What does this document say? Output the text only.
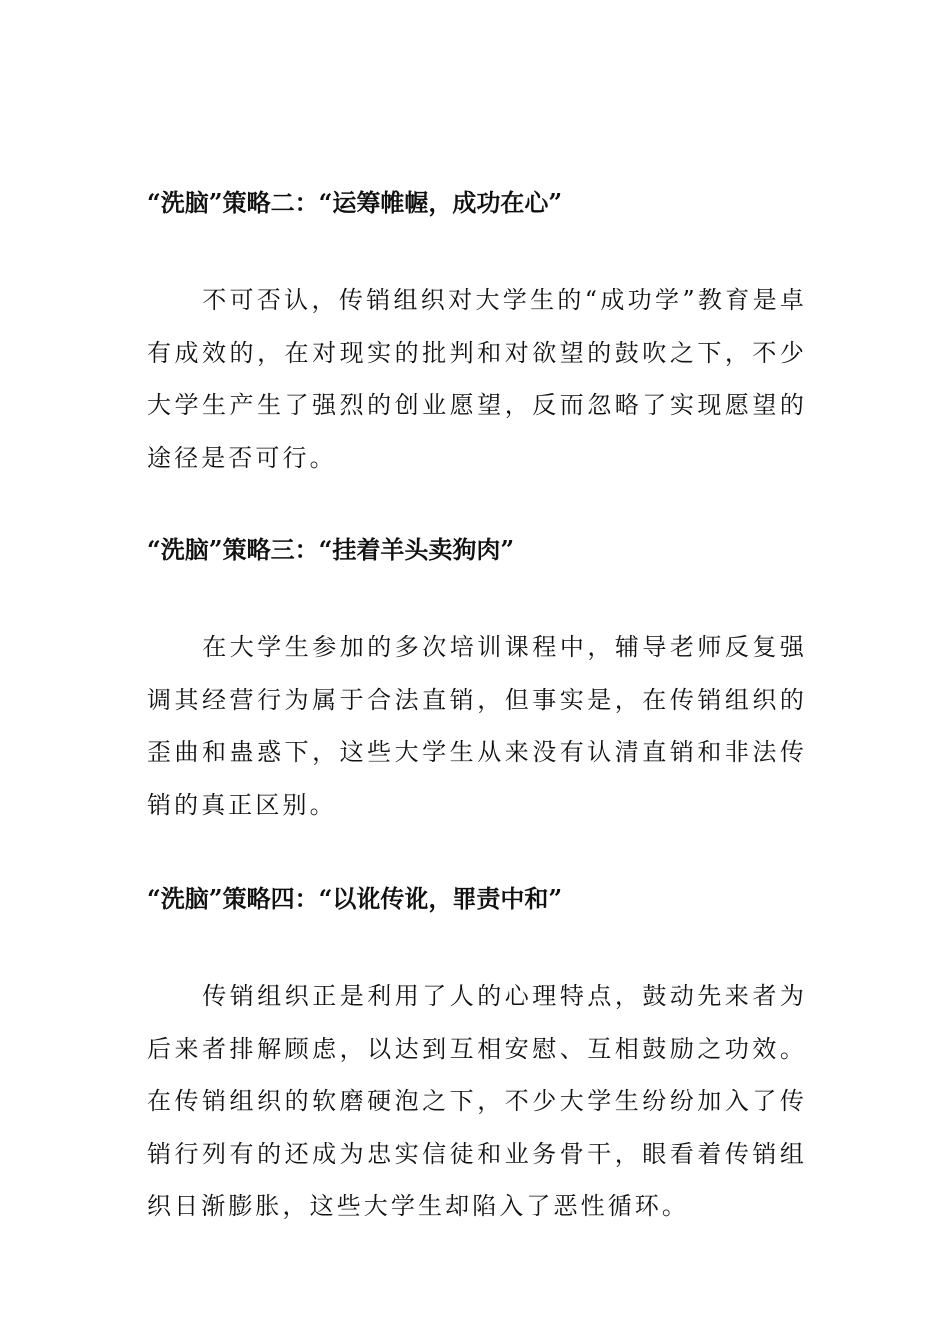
“洗脑”策略二：“运筹帷幄，成功在心”

不可否认，传销组织对大学生的“成功学”教育是卓有成效的，在对现实的批判和对欲望的鼓吹之下，不少大学生产生了强烈的创业愿望，反而忽略了实现愿望的途径是否可行。

“洗脑”策略三：“挂着羊头卖狗肉”

在大学生参加的多次培训课程中，辅导老师反复强调其经营行为属于合法直销，但事实是，在传销组织的歪曲和蛊惑下，这些大学生从来没有认清直销和非法传销的真正区别。

“洗脑”策略四：“以讹传讹，罪责中和”

传销组织正是利用了人的心理特点，鼓动先来者为后来者排解顾虑，以达到互相安慰、互相鼓励之功效。在传销组织的软磨硬泡之下，不少大学生纷纷加入了传销行列有的还成为忠实信徒和业务骨干，眼看着传销组织日渐膨胀，这些大学生却陷入了恶性循环。
